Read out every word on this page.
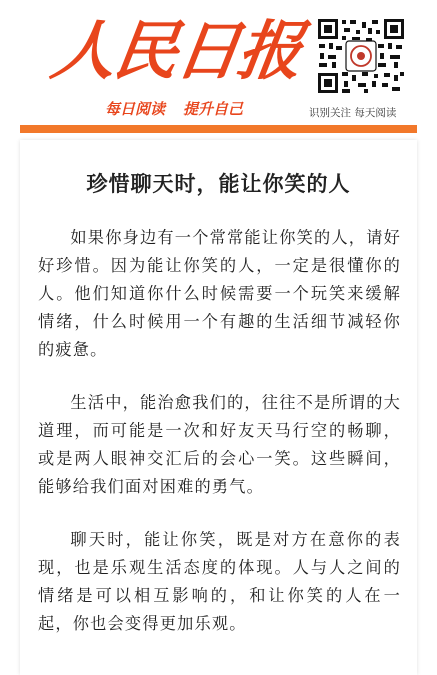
人民日报
每日阅读 提升自己	识别关注 每天阅读
珍惜聊天时，能让你笑的人

如果你身边有一个常常能让你笑的人，请好好珍惜。因为能让你笑的人，一定是很懂你的人。他们知道你什么时候需要一个玩笑来缓解情绪，什么时候用一个有趣的生活细节减轻你的疲惫。

生活中，能治愈我们的，往往不是所谓的大道理，而可能是一次和好友天马行空的畅聊，或是两人眼神交汇后的会心一笑。这些瞬间，能够给我们面对困难的勇气。

聊天时，能让你笑，既是对方在意你的表现，也是乐观生活态度的体现。人与人之间的情绪是可以相互影响的，和让你笑的人在一起，你也会变得更加乐观。
